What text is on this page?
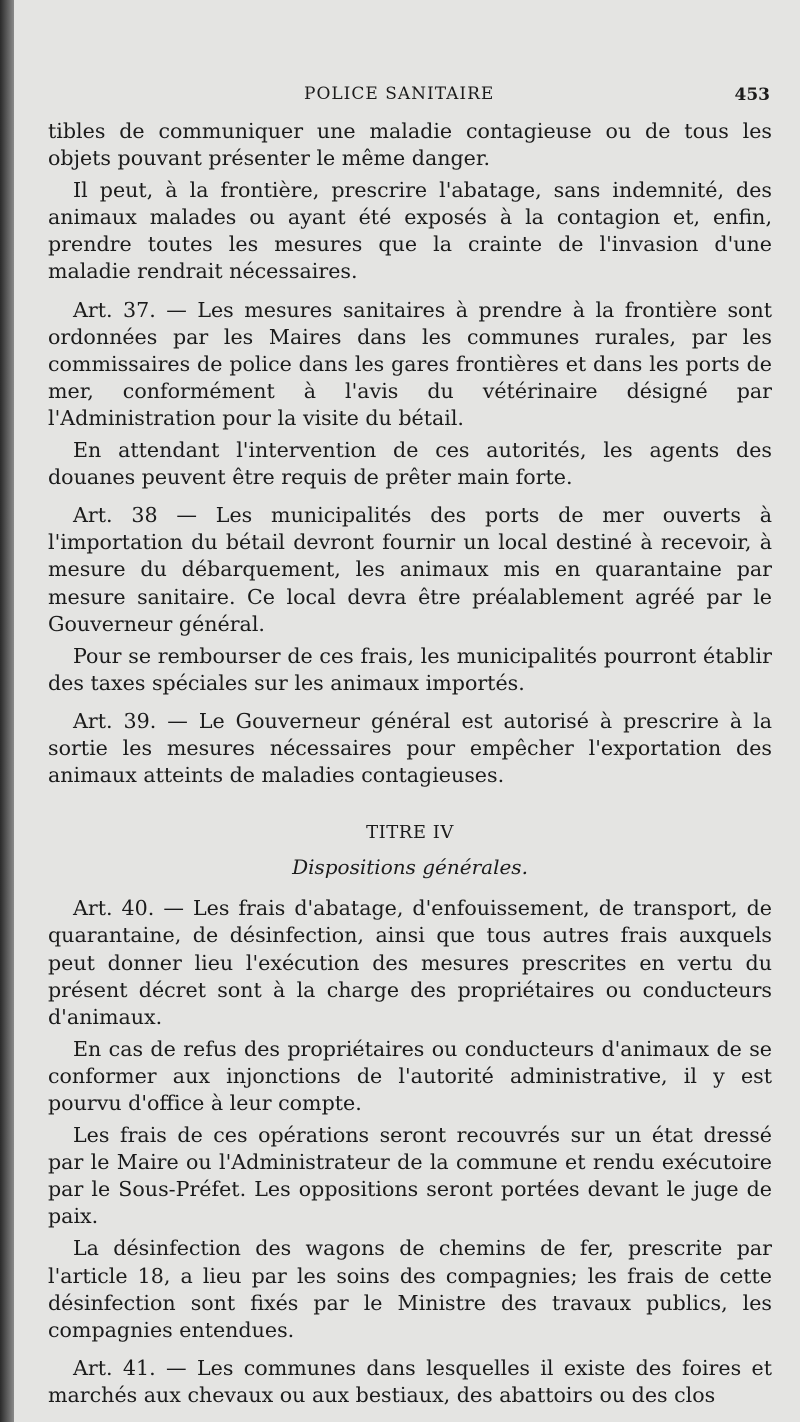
POLICE SANITAIRE	453

tibles de communiquer une maladie contagieuse ou de tous les objets pouvant présenter le même danger.

Il peut, à la frontière, prescrire l'abatage, sans indemnité, des animaux malades ou ayant été exposés à la contagion et, enfin, prendre toutes les mesures que la crainte de l'invasion d'une maladie rendrait nécessaires.

Art. 37. — Les mesures sanitaires à prendre à la frontière sont ordonnées par les Maires dans les communes rurales, par les commissaires de police dans les gares frontières et dans les ports de mer, conformément à l'avis du vétérinaire désigné par l'Administration pour la visite du bétail.

En attendant l'intervention de ces autorités, les agents des douanes peuvent être requis de prêter main forte.

Art. 38 — Les municipalités des ports de mer ouverts à l'importation du bétail devront fournir un local destiné à recevoir, à mesure du débarquement, les animaux mis en quarantaine par mesure sanitaire. Ce local devra être préalablement agréé par le Gouverneur général.

Pour se rembourser de ces frais, les municipalités pourront établir des taxes spéciales sur les animaux importés.

Art. 39. — Le Gouverneur général est autorisé à prescrire à la sortie les mesures nécessaires pour empêcher l'exportation des animaux atteints de maladies contagieuses.

TITRE IV
Dispositions générales.

Art. 40. — Les frais d'abatage, d'enfouissement, de transport, de quarantaine, de désinfection, ainsi que tous autres frais auxquels peut donner lieu l'exécution des mesures prescrites en vertu du présent décret sont à la charge des propriétaires ou conducteurs d'animaux.

En cas de refus des propriétaires ou conducteurs d'animaux de se conformer aux injonctions de l'autorité administrative, il y est pourvu d'office à leur compte.

Les frais de ces opérations seront recouvrés sur un état dressé par le Maire ou l'Administrateur de la commune et rendu exécutoire par le Sous-Préfet. Les oppositions seront portées devant le juge de paix.

La désinfection des wagons de chemins de fer, prescrite par l'article 18, a lieu par les soins des compagnies; les frais de cette désinfection sont fixés par le Ministre des travaux publics, les compagnies entendues.

Art. 41. — Les communes dans lesquelles il existe des foires et marchés aux chevaux ou aux bestiaux, des abattoirs ou des clos
